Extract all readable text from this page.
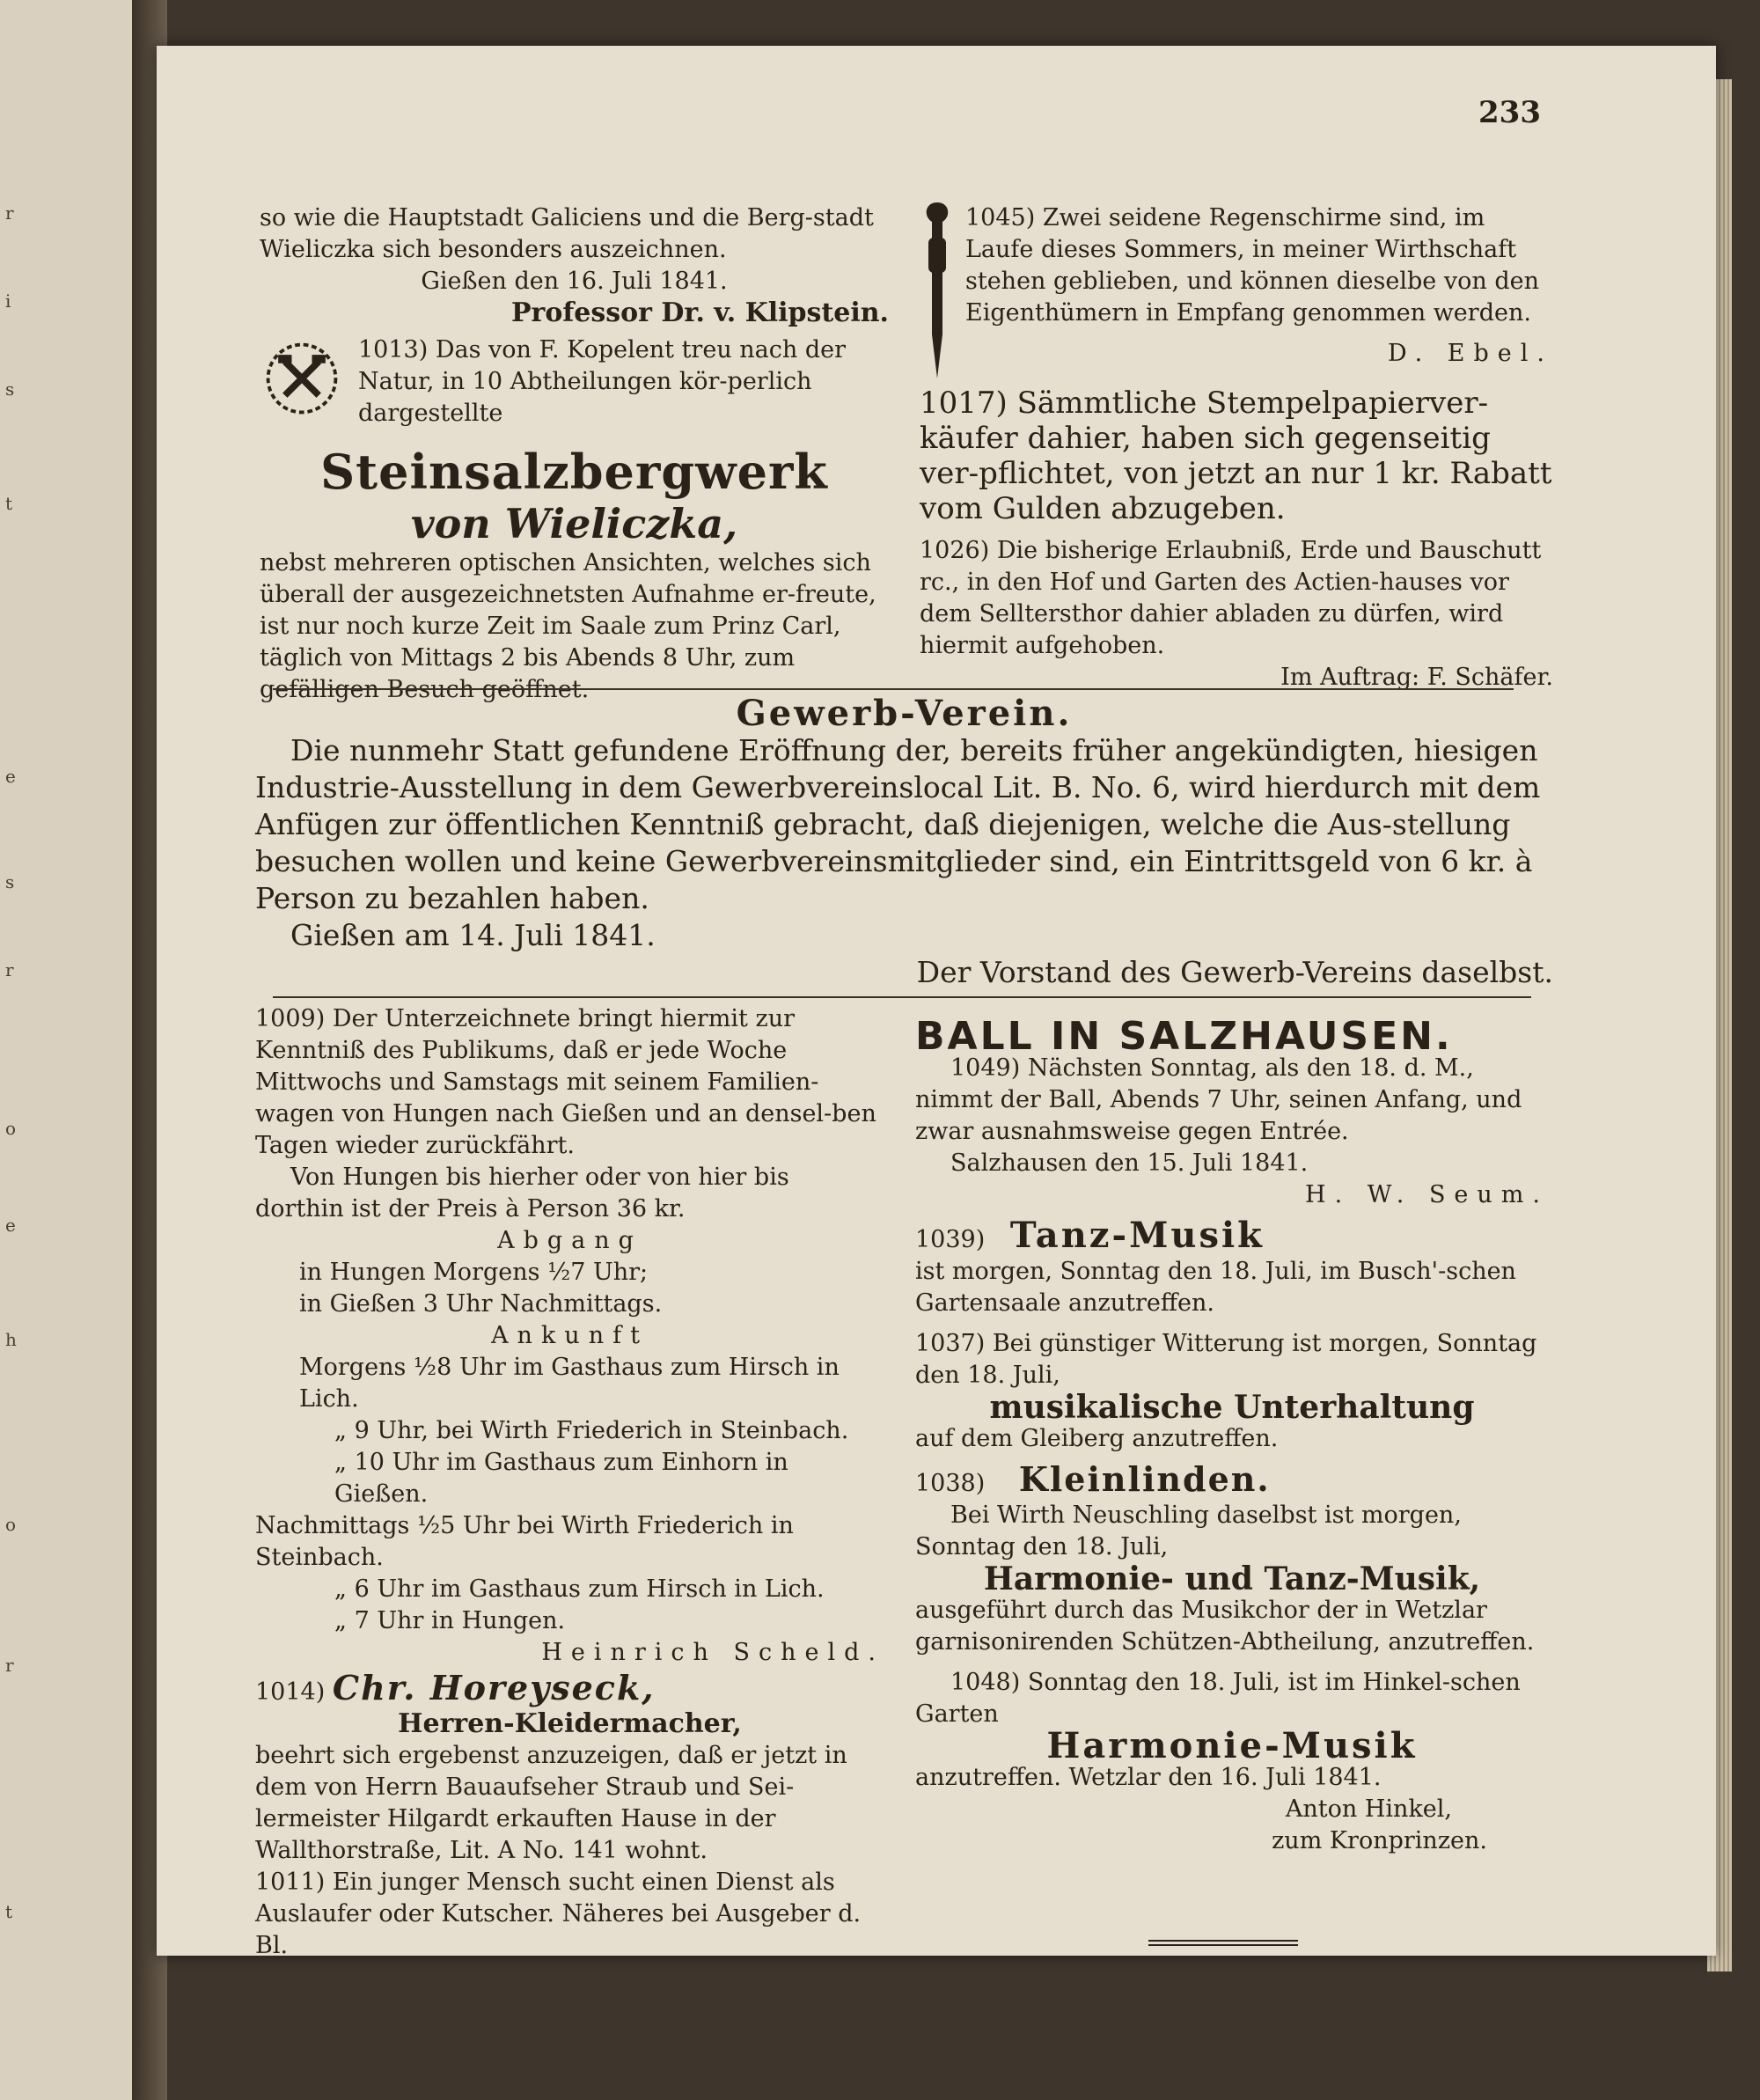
r
i
s
t
e
s
r
o
e
h
o
r
t
233

so wie die Hauptstadt Galiciens und die Berg-stadt Wieliczka sich besonders auszeichnen.

Gießen den 16. Juli 1841.

Professor Dr. v. Klipstein.

1013) Das von F. Kopelent treu nach der Natur, in 10 Abtheilungen kör-perlich dargestellte

Steinsalzbergwerk
von Wieliczka,

nebst mehreren optischen Ansichten, welches sich überall der ausgezeichnetsten Aufnahme er-freute, ist nur noch kurze Zeit im Saale zum Prinz Carl, täglich von Mittags 2 bis Abends 8 Uhr, zum gefälligen Besuch geöffnet.

1045) Zwei seidene Regenschirme sind, im Laufe dieses Sommers, in meiner Wirthschaft stehen geblieben, und können dieselbe von den Eigenthümern in Empfang genommen werden.

D. Ebel.

1017) Sämmtliche Stempelpapierver-käufer dahier, haben sich gegenseitig ver-pflichtet, von jetzt an nur 1 kr. Rabatt vom Gulden abzugeben.

1026) Die bisherige Erlaubniß, Erde und Bauschutt rc., in den Hof und Garten des Actien-hauses vor dem Selltersthor dahier abladen zu dürfen, wird hiermit aufgehoben.

Im Auftrag: F. Schäfer.

Gewerb-Verein.

Die nunmehr Statt gefundene Eröffnung der, bereits früher angekündigten, hiesigen Industrie-Ausstellung in dem Gewerbvereinslocal Lit. B. No. 6, wird hierdurch mit dem Anfügen zur öffentlichen Kenntniß gebracht, daß diejenigen, welche die Aus-stellung besuchen wollen und keine Gewerbvereinsmitglieder sind, ein Eintrittsgeld von 6 kr. à Person zu bezahlen haben.

Gießen am 14. Juli 1841.

Der Vorstand des Gewerb-Vereins daselbst.

1009) Der Unterzeichnete bringt hiermit zur Kenntniß des Publikums, daß er jede Woche Mittwochs und Samstags mit seinem Familien-wagen von Hungen nach Gießen und an densel-ben Tagen wieder zurückfährt.

Von Hungen bis hierher oder von hier bis dorthin ist der Preis à Person 36 kr.

Abgang

in Hungen Morgens ½7 Uhr;

in Gießen 3 Uhr Nachmittags.

Ankunft

Morgens ½8 Uhr im Gasthaus zum Hirsch in Lich.

„ 9 Uhr, bei Wirth Friederich in Steinbach.

„ 10 Uhr im Gasthaus zum Einhorn in Gießen.

Nachmittags ½5 Uhr bei Wirth Friederich in Steinbach.

„ 6 Uhr im Gasthaus zum Hirsch in Lich.

„ 7 Uhr in Hungen.

Heinrich Scheld.

1014) Chr. Horeyseck,

Herren-Kleidermacher,

beehrt sich ergebenst anzuzeigen, daß er jetzt in dem von Herrn Bauaufseher Straub und Sei-lermeister Hilgardt erkauften Hause in der Wallthorstraße, Lit. A No. 141 wohnt.

1011) Ein junger Mensch sucht einen Dienst als Auslaufer oder Kutscher. Näheres bei Ausgeber d. Bl.

BALL IN SALZHAUSEN.

1049) Nächsten Sonntag, als den 18. d. M., nimmt der Ball, Abends 7 Uhr, seinen Anfang, und zwar ausnahmsweise gegen Entrée.

Salzhausen den 15. Juli 1841.

H. W. Seum.

1039) Tanz-Musik

ist morgen, Sonntag den 18. Juli, im Busch'-schen Gartensaale anzutreffen.

1037) Bei günstiger Witterung ist morgen, Sonntag den 18. Juli,

musikalische Unterhaltung

auf dem Gleiberg anzutreffen.

1038) Kleinlinden.

Bei Wirth Neuschling daselbst ist morgen, Sonntag den 18. Juli,

Harmonie- und Tanz-Musik,

ausgeführt durch das Musikchor der in Wetzlar garnisonirenden Schützen-Abtheilung, anzutreffen.

1048) Sonntag den 18. Juli, ist im Hinkel-schen Garten

Harmonie-Musik

anzutreffen. Wetzlar den 16. Juli 1841.

Anton Hinkel,

zum Kronprinzen.
